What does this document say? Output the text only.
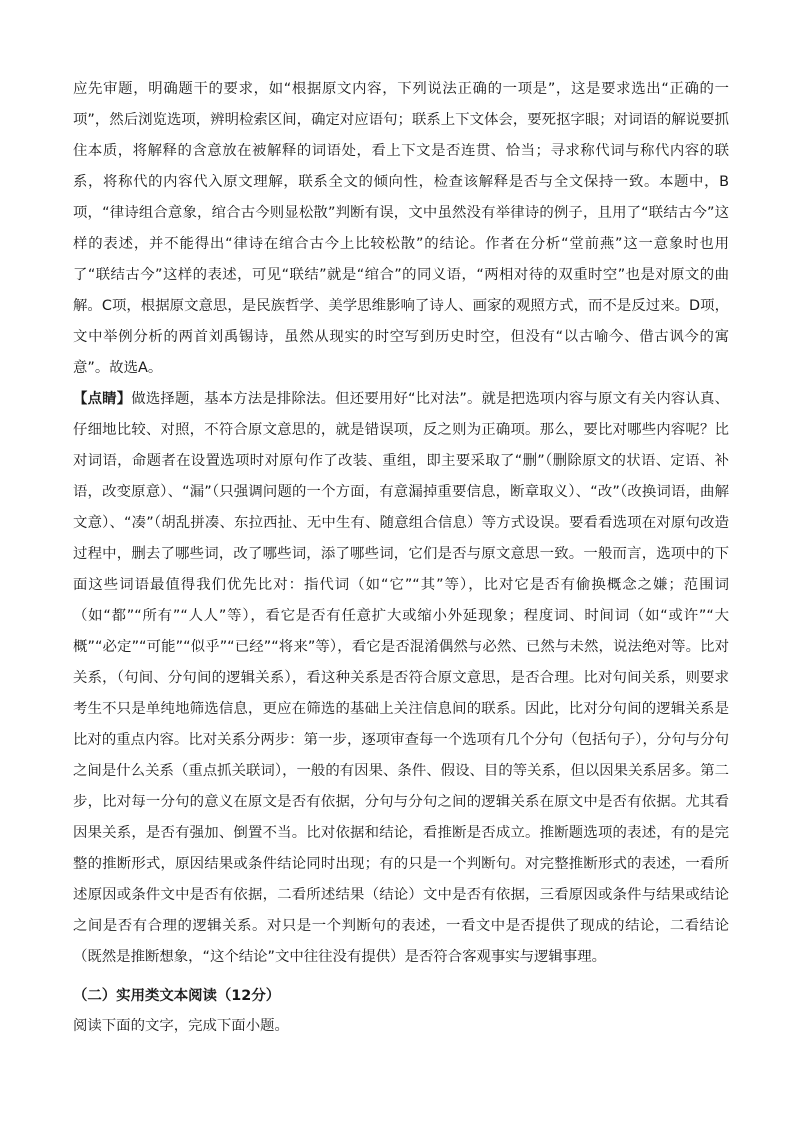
应先审题，明确题干的要求，如“根据原文内容，下列说法正确的一项是”，这是要求选出“正确的一项”，然后浏览选项，辨明检索区间，确定对应语句；联系上下文体会，要死抠字眼；对词语的解说要抓住本质，将解释的含意放在被解释的词语处，看上下文是否连贯、恰当；寻求称代词与称代内容的联系，将称代的内容代入原文理解，联系全文的倾向性，检查该解释是否与全文保持一致。本题中，B项，“律诗组合意象，绾合古今则显松散”判断有误，文中虽然没有举律诗的例子，且用了“联结古今”这样的表述，并不能得出“律诗在绾合古今上比较松散”的结论。作者在分析“堂前燕”这一意象时也用了“联结古今”这样的表述，可见“联结”就是“绾合”的同义语，“两相对待的双重时空”也是对原文的曲解。C项，根据原文意思，是民族哲学、美学思维影响了诗人、画家的观照方式，而不是反过来。D项，文中举例分析的两首刘禹锡诗，虽然从现实的时空写到历史时空，但没有“以古喻今、借古讽今的寓意”。故选A。

【点睛】做选择题，基本方法是排除法。但还要用好“比对法”。就是把选项内容与原文有关内容认真、仔细地比较、对照，不符合原文意思的，就是错误项，反之则为正确项。那么，要比对哪些内容呢？比对词语，命题者在设置选项时对原句作了改装、重组，即主要采取了“删”（删除原文的状语、定语、补语，改变原意）、“漏”（只强调问题的一个方面，有意漏掉重要信息，断章取义）、“改”（改换词语，曲解文意）、“凑”（胡乱拼凑、东拉西扯、无中生有、随意组合信息）等方式设误。要看看选项在对原句改造过程中，删去了哪些词，改了哪些词，添了哪些词，它们是否与原文意思一致。一般而言，选项中的下面这些词语最值得我们优先比对：指代词（如“它”“其”等），比对它是否有偷换概念之嫌；范围词（如“都”“所有”“人人”等），看它是否有任意扩大或缩小外延现象；程度词、时间词（如“或许”“大概”“必定”“可能”“似乎”“已经”“将来”等），看它是否混淆偶然与必然、已然与未然，说法绝对等。比对关系，（句间、分句间的逻辑关系），看这种关系是否符合原文意思，是否合理。比对句间关系，则要求考生不只是单纯地筛选信息，更应在筛选的基础上关注信息间的联系。因此，比对分句间的逻辑关系是比对的重点内容。比对关系分两步：第一步，逐项审查每一个选项有几个分句（包括句子），分句与分句之间是什么关系（重点抓关联词），一般的有因果、条件、假设、目的等关系，但以因果关系居多。第二步，比对每一分句的意义在原文是否有依据，分句与分句之间的逻辑关系在原文中是否有依据。尤其看因果关系，是否有强加、倒置不当。比对依据和结论，看推断是否成立。推断题选项的表述，有的是完整的推断形式，原因结果或条件结论同时出现；有的只是一个判断句。对完整推断形式的表述，一看所述原因或条件文中是否有依据，二看所述结果（结论）文中是否有依据，三看原因或条件与结果或结论之间是否有合理的逻辑关系。对只是一个判断句的表述，一看文中是否提供了现成的结论，二看结论（既然是推断想象，“这个结论”文中往往没有提供）是否符合客观事实与逻辑事理。

（二）实用类文本阅读（12分）

阅读下面的文字，完成下面小题。
